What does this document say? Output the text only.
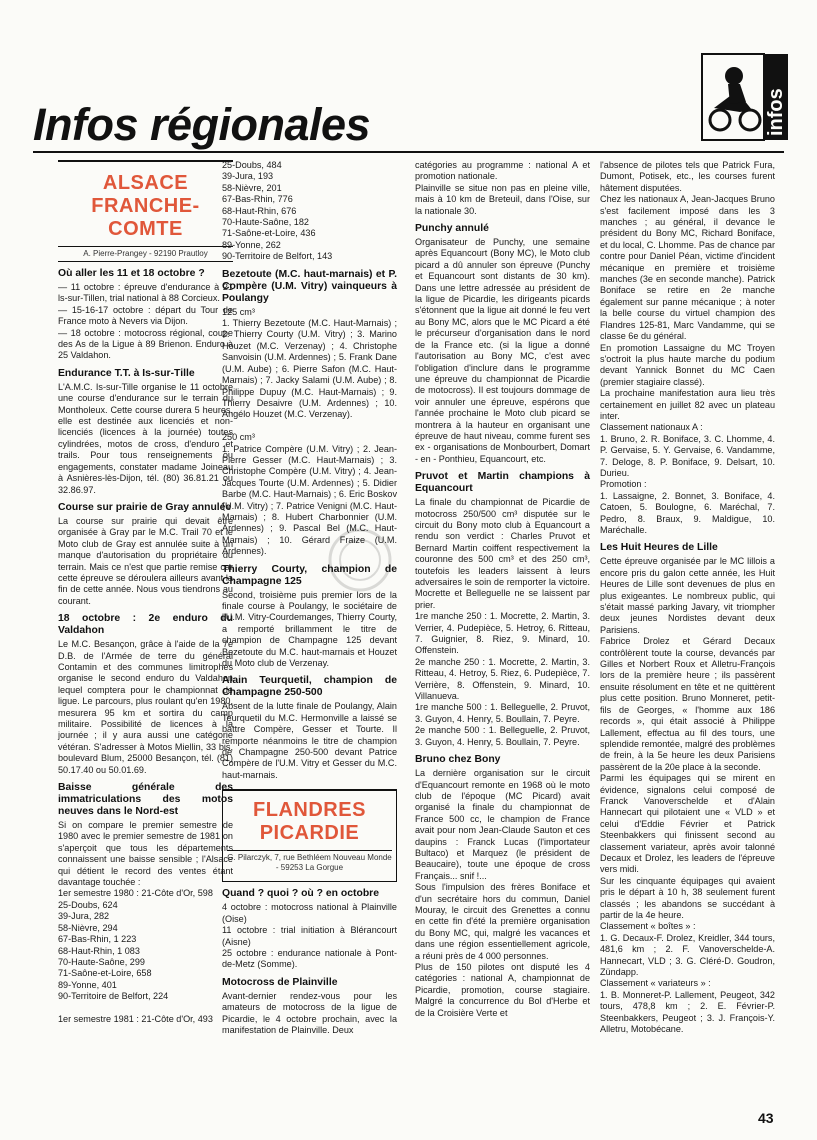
infos
Infos régionales
ALSACE FRANCHE-COMTE
A. Pierre-Prangey - 92190 Prautloy
Où aller les 11 et 18 octobre ?

— 11 octobre : épreuve d'endurance à 21 ls-sur-Tillen, trial national à 88 Corcieux.
— 15-16-17 octobre : départ du Tour de France moto à Nevers via Dijon.
— 18 octobre : motocross régional, coupe des As de la Ligue à 89 Brienon. Enduro à 25 Valdahon.

Endurance T.T. à Is-sur-Tille

L'A.M.C. Is-sur-Tille organise le 11 octobre une course d'endurance sur le terrain du Montholeux. Cette course durera 5 heures, elle est destinée aux licenciés et non-licenciés (licences à la journée) toutes cylindrées, motos de cross, d'enduro et trails. Pour tous renseignements ou engagements, constater madame Joineau à Asnières-lès-Dijon, tél. (80) 36.81.21 ou 32.86.97.

Course sur prairie de Gray annulée

La course sur prairie qui devait être organisée à Gray par le M.C. Trail 70 et le Moto club de Gray est annulée suite à un manque d'autorisation du propriétaire du terrain. Mais ce n'est que partie remise car cette épreuve se déroulera ailleurs avant la fin de cette année. Nous vous tiendrons au courant.

18 octobre : 2e enduro du Valdahon

Le M.C. Besançon, grâce à l'aide de la 7e D.B. de l'Armée de terre du général Contamin et des communes limitrophes organise le second enduro du Valdahon lequel comptera pour le championnat de ligue. Le parcours, plus roulant qu'en 1980, mesurera 95 km et sortira du camp militaire. Possibilité de licences à la journée ; il y aura aussi une catégorie vétéran. S'adresser à Motos Miellin, 33 bis, boulevard Blum, 25000 Besançon, tél. (81) 50.17.40 ou 50.01.69.

Baisse générale des immatriculations des motos neuves dans le Nord-est

Si on compare le premier semestre de 1980 avec le premier semestre de 1981 on s'aperçoit que tous les départements connaissent une baisse sensible ; l'Alsace qui détient le record des ventes étant davantage touchée :
1er semestre 1980 : 21-Côte d'Or, 598
25-Doubs, 624
39-Jura, 282
58-Nièvre, 294
67-Bas-Rhin, 1 223
68-Haut-Rhin, 1 083
70-Haute-Saône, 299
71-Saône-et-Loire, 658
89-Yonne, 401
90-Territoire de Belfort, 224

1er semestre 1981 : 21-Côte d'Or, 493

25-Doubs, 484
39-Jura, 193
58-Nièvre, 201
67-Bas-Rhin, 776
68-Haut-Rhin, 676
70-Haute-Saône, 182
71-Saône-et-Loire, 436
89-Yonne, 262
90-Territoire de Belfort, 143

Bezetoute (M.C. haut-marnais) et P. Compère (U.M. Vitry) vainqueurs à Poulangy

125 cm³
1. Thierry Bezetoute (M.C. Haut-Marnais) ; 2. Thierry Courty (U.M. Vitry) ; 3. Marino Houzet (M.C. Verzenay) ; 4. Christophe Sanvoisin (U.M. Ardennes) ; 5. Frank Dane (U.M. Aube) ; 6. Pierre Safon (M.C. Haut-Marnais) ; 7. Jacky Salami (U.M. Aube) ; 8. Philippe Dupuy (M.C. Haut-Marnais) ; 9. Thierry Desaivre (U.M. Ardennes) ; 10. Angélo Houzet (M.C. Verzenay).

250 cm³
1. Patrice Compère (U.M. Vitry) ; 2. Jean-Pierre Gesser (M.C. Haut-Marnais) ; 3. Christophe Compère (U.M. Vitry) ; 4. Jean-Jacques Tourte (U.M. Ardennes) ; 5. Didier Barbe (M.C. Haut-Marnais) ; 6. Eric Boskov (U.M. Vitry) ; 7. Patrice Venigni (M.C. Haut-Marnais) ; 8. Hubert Charbonnier (U.M. Ardennes) ; 9. Pascal Bel (M.C. Haut-Marnais) ; 10. Gérard Fraize (U.M. Ardennes).

Thierry Courty, champion de Champagne 125

Second, troisième puis premier lors de la finale course à Poulangy, le sociétaire de l'U.M. Vitry-Courdemanges, Thierry Courty, a remporté brillamment le titre de champion de Champagne 125 devant Bezetoute du M.C. haut-marnais et Houzet du Moto club de Verzenay.

Alain Teurquetil, champion de Champagne 250-500

Absent de la lutte finale de Poulangy, Alain Teurquetil du M.C. Hermonville a laissé se battre Compère, Gesser et Tourte. Il remporte néanmoins le titre de champion de Champagne 250-500 devant Patrice Compère de l'U.M. Vitry et Gesser du M.C. haut-marnais.

FLANDRES PICARDIE
G. Pilarczyk, 7, rue Bethléem Nouveau Monde - 59253 La Gorgue
Quand ? quoi ? où ? en octobre

4 octobre : motocross national à Plainville (Oise)
11 octobre : trial initiation à Blérancourt (Aisne)
25 octobre : endurance nationale à Pont-de-Metz (Somme).

Motocross de Plainville

Avant-dernier rendez-vous pour les amateurs de motocross de la ligue de Picardie, le 4 octobre prochain, avec la manifestation de Plainville. Deux

catégories au programme : national A et promotion nationale.
Plainville se situe non pas en pleine ville, mais à 10 km de Breteuil, dans l'Oise, sur la nationale 30.

Punchy annulé

Organisateur de Punchy, une semaine après Equancourt (Bony MC), le Moto club picard a dû annuler son épreuve (Punchy et Equancourt sont distants de 30 km). Dans une lettre adressée au président de la ligue de Picardie, les dirigeants picards s'étonnent que la ligue ait donné le feu vert au Bony MC, alors que le MC Picard a été le précurseur d'organisation dans le nord de la France etc. (si la ligue a donné l'autorisation au Bony MC, c'est avec l'obligation d'inclure dans le programme une épreuve du championnat de Picardie de motocross). Il est toujours dommage de voir annuler une épreuve, espérons que l'année prochaine le Moto club picard se montrera à la hauteur en organisant une épreuve de haut niveau, comme furent ses ex - organisations de Monbourbert, Domart - en - Ponthieu, Equancourt, etc.

Pruvot et Martin champions à Equancourt

La finale du championnat de Picardie de motocross 250/500 cm³ disputée sur le circuit du Bony moto club à Equancourt a rendu son verdict : Charles Pruvot et Bernard Martin coiffent respectivement la couronne des 500 cm³ et des 250 cm³, toutefois les leaders laissent à leurs adversaires le soin de remporter la victoire. Mocrette et Belleguelle ne se laissent par prier.
1re manche 250 : 1. Mocrette, 2. Martin, 3. Verrier, 4. Pudepièce, 5. Hetroy, 6. Ritteau, 7. Guignier, 8. Riez, 9. Minard, 10. Offenstein.
2e manche 250 : 1. Mocrette, 2. Martin, 3. Ritteau, 4. Hetroy, 5. Riez, 6. Pudepièce, 7. Verrière, 8. Offenstein, 9. Minard, 10. Villanueva.
1re manche 500 : 1. Belleguelle, 2. Pruvot, 3. Guyon, 4. Henry, 5. Boullain, 7. Peyre.
2e manche 500 : 1. Belleguelle, 2. Pruvot, 3. Guyon, 4. Henry, 5. Boullain, 7. Peyre.

Bruno chez Bony

La dernière organisation sur le circuit d'Equancourt remonte en 1968 où le moto club de l'époque (MC Picard) avait organisé la finale du championnat de France 500 cc, le champion de France avait pour nom Jean-Claude Sauton et ces daupins : Franck Lucas (l'importateur Bultaco) et Marquez (le président de Beaucaire), toute une époque de cross Français... snif !...
Sous l'impulsion des frères Boniface et d'un secrétaire hors du commun, Daniel Mouray, le circuit des Grenettes a connu en cette fin d'été la première organisation du Bony MC, qui, malgré les vacances et dans une région essentiellement agricole, a réuni près de 4 000 personnes.
Plus de 150 pilotes ont disputé les 4 catégories : national A, championnat de Picardie, promotion, course stagiaire. Malgré la concurrence du Bol d'Herbe et de la Croisière Verte et

l'absence de pilotes tels que Patrick Fura, Dumont, Potisek, etc., les courses furent hâtement disputées.
Chez les nationaux A, Jean-Jacques Bruno s'est facilement imposé dans les 3 manches ; au général, il devance le président du Bony MC, Richard Boniface, et du local, C. Lhomme. Pas de chance par contre pour Daniel Péan, victime d'incident mécanique en première et troisième manches (3e en seconde manche). Patrick Boniface se retire en 2e manche également sur panne mécanique ; à noter la belle course du virtuel champion des Flandres 125-81, Marc Vandamme, qui se classe 6e du général.
En promotion Lassaigne du MC Troyen s'octroit la plus haute marche du podium devant Yannick Bonnet du MC Caen (premier stagiaire classé).
La prochaine manifestation aura lieu très certainement en juillet 82 avec un plateau inter.
Classement nationaux A :
1. Bruno, 2. R. Boniface, 3. C. Lhomme, 4. P. Gervaise, 5. Y. Gervaise, 6. Vandamme, 7. Deloge, 8. P. Boniface, 9. Delsart, 10. Durieu.
Promotion :
1. Lassaigne, 2. Bonnet, 3. Boniface, 4. Catoen, 5. Boulogne, 6. Maréchal, 7. Pedro, 8. Braux, 9. Maldigue, 10. Maréchalle.

Les Huit Heures de Lille

Cette épreuve organisée par le MC lillois a encore pris du galon cette année, les Huit Heures de Lille sont devenues de plus en plus exigeantes. Le nombreux public, qui s'était massé parking Javary, vit triompher deux jeunes Nordistes devant deux Parisiens.
Fabrice Drolez et Gérard Decaux contrôlèrent toute la course, devancés par Gilles et Norbert Roux et Alletru-François lors de la première heure ; ils passèrent ensuite résolument en tête et ne quittèrent plus cette position. Bruno Monneret, petit-fils de Georges, « l'homme aux 186 records », qui était associé à Philippe Lallement, effectua au fil des tours, une splendide remontée, malgré des problèmes de frein, à la 5e heure les deux Parisiens passèrent de la 20e place à la seconde.
Parmi les équipages qui se mirent en évidence, signalons celui composé de Franck Vanoverschelde et d'Alain Hannecart qui pilotaient une « VLD » et celui d'Eddie Février et Patrick Steenbakkers qui finissent second au classement variateur, après avoir talonné Decaux et Drolez, les leaders de l'épreuve vers midi.
Sur les cinquante équipages qui avaient pris le départ à 10 h, 38 seulement furent classés ; les abandons se succédant à partir de la 4e heure.
Classement « boîtes » :
1. G. Decaux-F. Drolez, Kreidler, 344 tours, 481,6 km ; 2. F. Vanoverschelde-A. Hannecart, VLD ; 3. G. Cléré-D. Goudron, Zündapp.
Classement « variateurs » :
1. B. Monneret-P. Lallement, Peugeot, 342 tours, 478,8 km ; 2. E. Février-P. Steenbakkers, Peugeot ; 3. J. François-Y. Alletru, Motobécane.

43
